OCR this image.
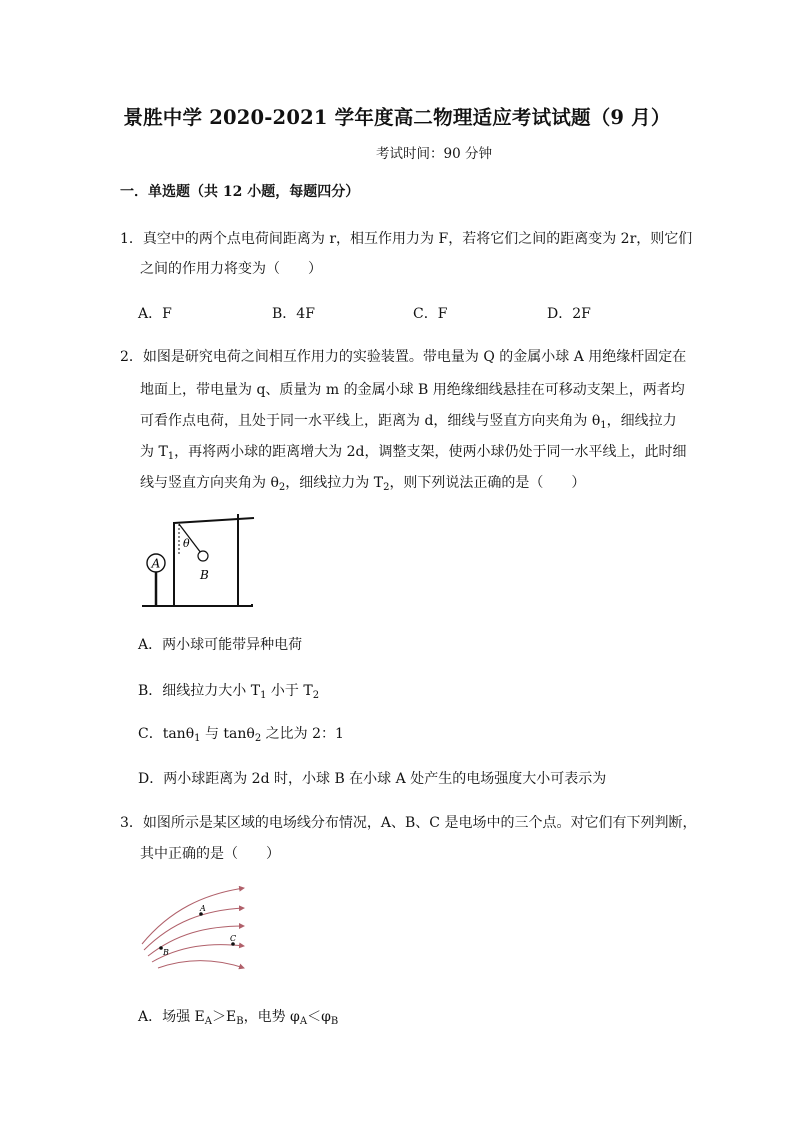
景胜中学 2020-2021 学年度高二物理适应考试试题（9 月）
考试时间：90 分钟
一．单选题（共 12 小题，每题四分）
1．真空中的两个点电荷间距离为 r，相互作用力为 F，若将它们之间的距离变为 2r，则它们
之间的作用力将变为（　　）
A．F	B．4F	C．F	D．2F
2．如图是研究电荷之间相互作用力的实验装置。带电量为 Q 的金属小球 A 用绝缘杆固定在
地面上，带电量为 q、质量为 m 的金属小球 B 用绝缘细线悬挂在可移动支架上，两者均
可看作点电荷，且处于同一水平线上，距离为 d，细线与竖直方向夹角为 $\theta_1$，细线拉力
为 $T_1$，再将两小球的距离增大为 2d，调整支架，使两小球仍处于同一水平线上，此时细
线与竖直方向夹角为 $\theta_2$，细线拉力为 $T_2$，则下列说法正确的是（　　）
A
θ
B
A．两小球可能带异种电荷
B．细线拉力大小 $T_1$ 小于 $T_2$
C．tanθ$_1$ 与 tanθ$_2$ 之比为 2：1
D．两小球距离为 2d 时，小球 B 在小球 A 处产生的电场强度大小可表示为
3．如图所示是某区域的电场线分布情况，A、B、C 是电场中的三个点。对它们有下列判断，
其中正确的是（　　）
A
B
C
A．场强 $E_A>E_B$，电势 $\varphi_A<\varphi_B$
